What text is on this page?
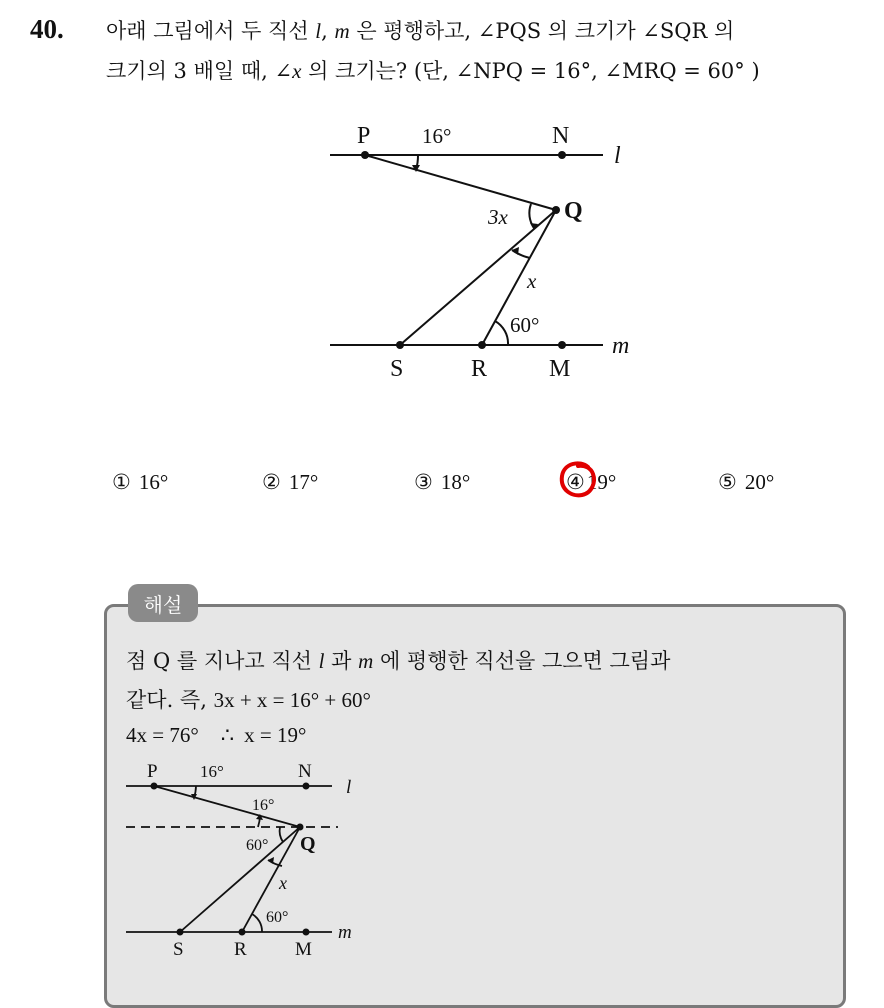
40. 아래 그림에서 두 직선 l, m 은 평행하고, ∠PQS 의 크기가 ∠SQR 의
크기의 3 배일 때, ∠x 의 크기는? (단, ∠NPQ = 16°, ∠MRQ = 60° )
P 16°	N
l
Q
3x
x
60°
m
S	R	M
① 16°	② 17°	③ 18°	④19°	⑤ 20°
해설
점 Q 를 지나고 직선 l 과 m 에 평행한 직선을 그으면 그림과
같다. 즉, 3x + x = 16° + 60°
4x = 76° ∴ x = 19°
P 16°	N
l
16°
Q
60°
x
60°
m
S	R	M
